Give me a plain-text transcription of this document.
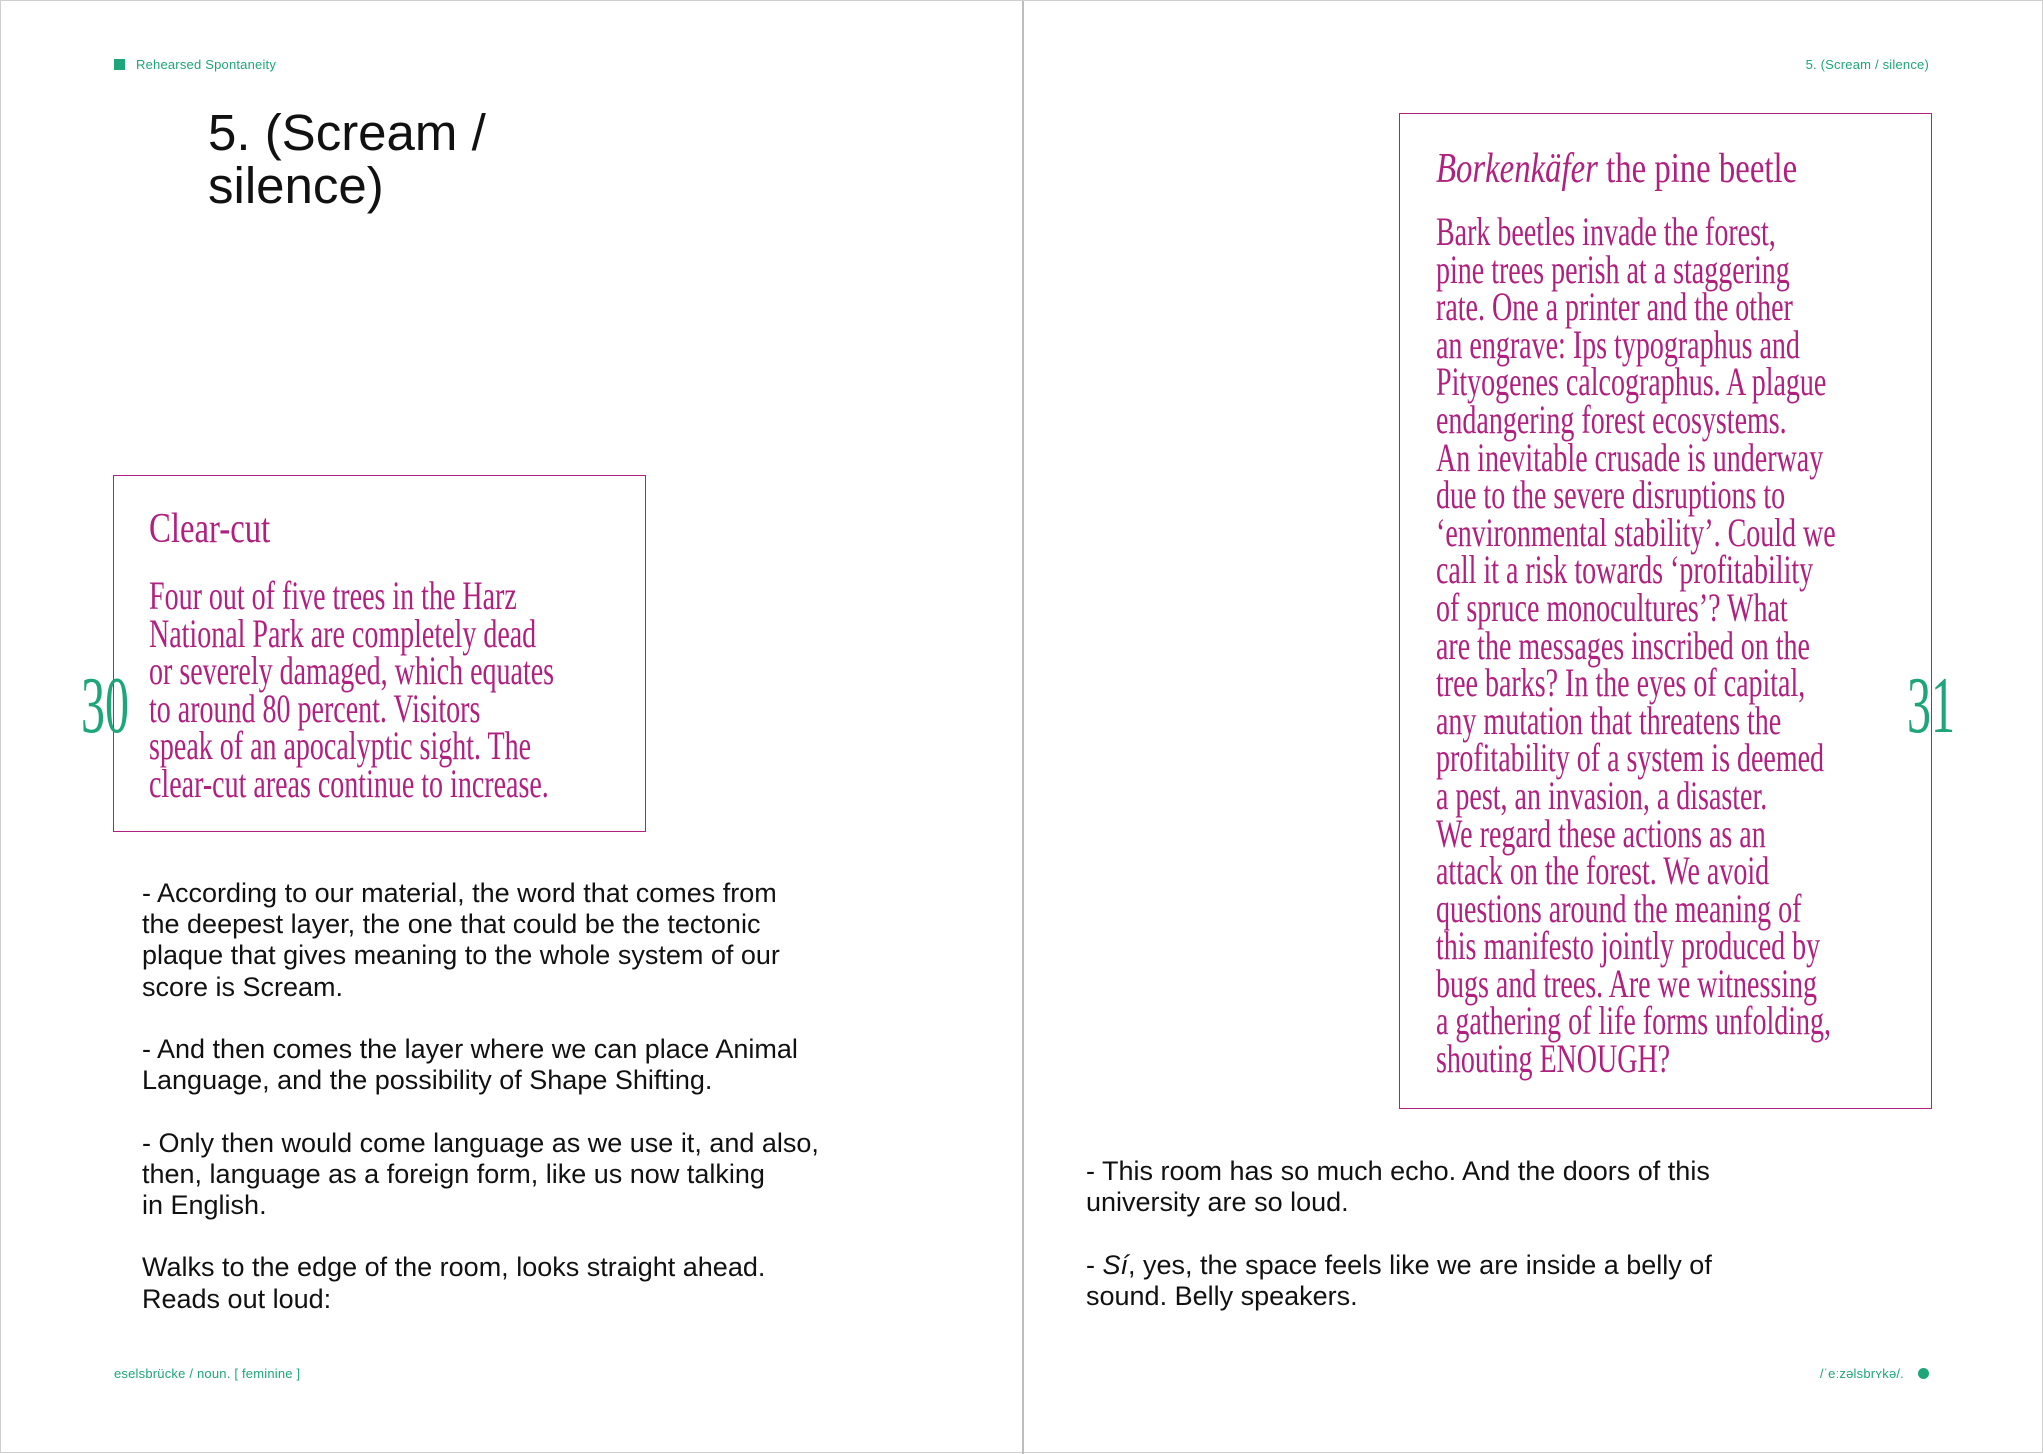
Rehearsed Spontaneity
5. (Scream /
silence)
Clear-cut
Four out of five trees in the Harz
National Park are completely dead
or severely damaged, which equates
to around 80 percent. Visitors
speak of an apocalyptic sight. The
clear-cut areas continue to increase.
30

- According to our material, the word that comes from
the deepest layer, the one that could be the tectonic
plaque that gives meaning to the whole system of our
score is Scream.

- And then comes the layer where we can place Animal
Language, and the possibility of Shape Shifting.

- Only then would come language as we use it, and also,
then, language as a foreign form, like us now talking
in English.

Walks to the edge of the room, looks straight ahead.
Reads out loud:

eselsbrücke / noun. [ feminine ]
5. (Scream / silence)
Borkenkäfer the pine beetle
Bark beetles invade the forest,
pine trees perish at a staggering
rate. One a printer and the other
an engrave: Ips typographus and
Pityogenes calcographus. A plague
endangering forest ecosystems.
An inevitable crusade is underway
due to the severe disruptions to
‘environmental stability’. Could we
call it a risk towards ‘profitability
of spruce monocultures’? What
are the messages inscribed on the
tree barks? In the eyes of capital,
any mutation that threatens the
profitability of a system is deemed
a pest, an invasion, a disaster.
We regard these actions as an
attack on the forest. We avoid
questions around the meaning of
this manifesto jointly produced by
bugs and trees. Are we witnessing
a gathering of life forms unfolding,
shouting ENOUGH?
31

- This room has so much echo. And the doors of this
university are so loud.

- Sí, yes, the space feels like we are inside a belly of
sound. Belly speakers.

/ˈeːzəlsbrʏkə/.
